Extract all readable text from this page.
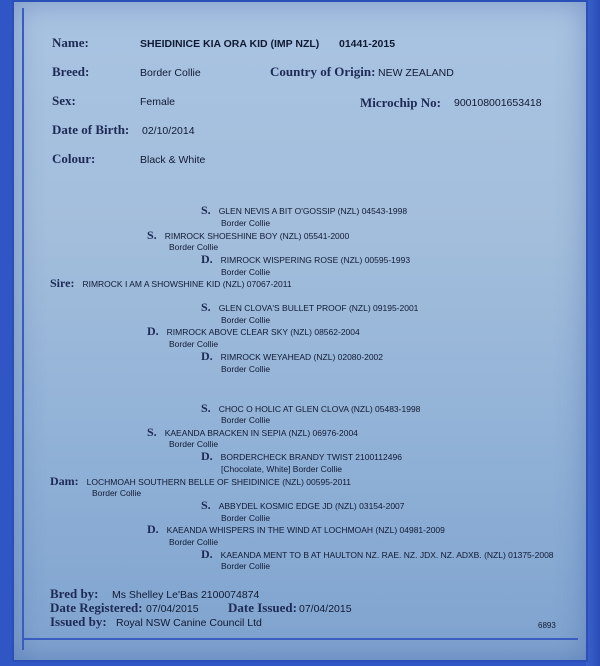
Name:	SHEIDINICE KIA ORA KID (IMP NZL) 01441-2015
Breed:	Border Collie	Country of Origin: NEW ZEALAND
Sex:	Female	Microchip No: 900108001653418
Date of Birth: 02/10/2014
Colour:	Black & White
S. GLEN NEVIS A BIT O'GOSSIP (NZL) 04543-1998
Border Collie
S. RIMROCK SHOESHINE BOY (NZL) 05541-2000
Border Collie
D. RIMROCK WISPERING ROSE (NZL) 00595-1993
Border Collie
Sire: RIMROCK I AM A SHOWSHINE KID (NZL) 07067-2011
S. GLEN CLOVA'S BULLET PROOF (NZL) 09195-2001
Border Collie
D. RIMROCK ABOVE CLEAR SKY (NZL) 08562-2004
Border Collie
D. RIMROCK WEYAHEAD (NZL) 02080-2002
Border Collie
S. CHOC O HOLIC AT GLEN CLOVA (NZL) 05483-1998
Border Collie
S. KAEANDA BRACKEN IN SEPIA (NZL) 06976-2004
Border Collie
D. BORDERCHECK BRANDY TWIST 2100112496
[Chocolate, White] Border Collie
Dam: LOCHMOAH SOUTHERN BELLE OF SHEIDINICE (NZL) 00595-2011
Border Collie
S. ABBYDEL KOSMIC EDGE JD (NZL) 03154-2007
Border Collie
D. KAEANDA WHISPERS IN THE WIND AT LOCHMOAH (NZL) 04981-2009
Border Collie
D. KAEANDA MENT TO B AT HAULTON NZ. RAE. NZ. JDX. NZ. ADXB. (NZL) 01375-2008
Border Collie
Bred by: Ms Shelley Le'Bas 2100074874
Date Registered: 07/04/2015 Date Issued: 07/04/2015
Issued by: Royal NSW Canine Council Ltd	6893
